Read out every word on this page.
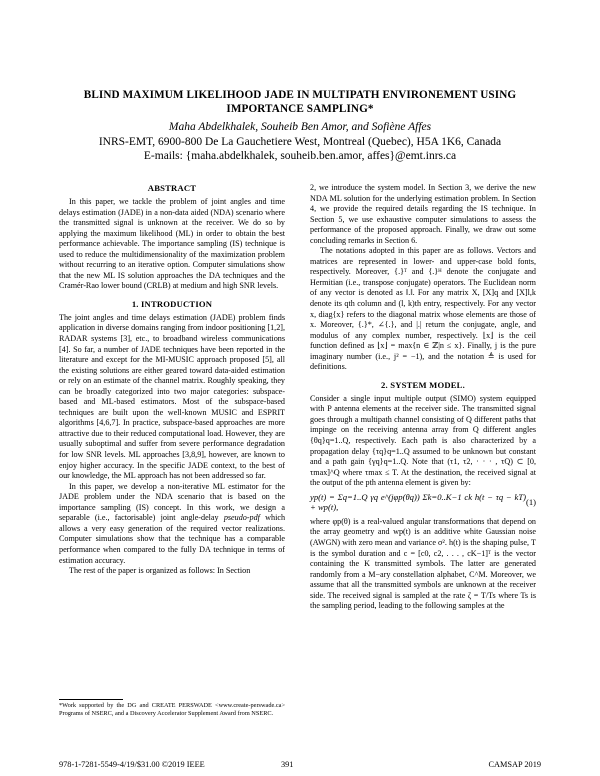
BLIND MAXIMUM LIKELIHOOD JADE IN MULTIPATH ENVIRONEMENT USING IMPORTANCE SAMPLING*
Maha Abdelkhalek, Souheib Ben Amor, and Sofiène Affes
INRS-EMT, 6900-800 De La Gauchetiere West, Montreal (Quebec), H5A 1K6, Canada
E-mails: {maha.abdelkhalek, souheib.ben.amor, affes}@emt.inrs.ca
ABSTRACT

In this paper, we tackle the problem of joint angles and time delays estimation (JADE) in a non-data aided (NDA) scenario where the transmitted signal is unknown at the receiver. We do so by applying the maximum likelihood (ML) in order to obtain the best performance achievable. The importance sampling (IS) technique is used to reduce the multidimensionality of the maximization problem without recurring to an iterative option. Computer simulations show that the new ML IS solution approaches the DA techniques and the Cramér-Rao lower bound (CRLB) at medium and high SNR levels.

1. INTRODUCTION

The joint angles and time delays estimation (JADE) problem finds application in diverse domains ranging from indoor positioning [1,2], RADAR systems [3], etc., to broadband wireless communications [4]. So far, a number of JADE techniques have been reported in the literature and except for the MI-MUSIC approach proposed [5], all the existing solutions are either geared toward data-aided estimation or rely on an estimate of the channel matrix. Roughly speaking, they can be broadly categorized into two major categories: subspace-based and ML-based estimators. Most of the subspace-based techniques are built upon the well-known MUSIC and ESPRIT algorithms [4,6,7]. In practice, subspace-based approaches are more attractive due to their reduced computational load. However, they are usually suboptimal and suffer from severe performance degradation for low SNR levels. ML approaches [3,8,9], however, are known to enjoy higher accuracy. In the specific JADE context, to the best of our knowledge, the ML approach has not been addressed so far.

In this paper, we develop a non-iterative ML estimator for the JADE problem under the NDA scenario that is based on the importance sampling (IS) concept. In this work, we design a separable (i.e., factorisable) joint angle-delay pseudo-pdf which allows a very easy generation of the required vector realizations. Computer simulations show that the technique has a comparable performance when compared to the fully DA technique in terms of estimation accuracy.

The rest of the paper is organized as follows: In Section

*Work supported by the DG and CREATE PERSWADE <www.create-perswade.ca> Programs of NSERC, and a Discovery Accelerator Supplement Award from NSERC.

2, we introduce the system model. In Section 3, we derive the new NDA ML solution for the underlying estimation problem. In Section 4, we provide the required details regarding the IS technique. In Section 5, we use exhaustive computer simulations to assess the performance of the proposed approach. Finally, we draw out some concluding remarks in Section 6.

The notations adopted in this paper are as follows. Vectors and matrices are represented in lower- and upper-case bold fonts, respectively. Moreover, {.}ᵀ and {.}ᴴ denote the conjugate and Hermitian (i.e., transpose conjugate) operators. The Euclidean norm of any vector is denoted as ‖.‖. For any matrix X, [X]q and [X]l,k denote its qth column and (l, k)th entry, respectively. For any vector x, diag{x} refers to the diagonal matrix whose elements are those of x. Moreover, {.}*, ∠{.}, and |.| return the conjugate, angle, and modulus of any complex number, respectively. ⌊x⌋ is the ceil function defined as ⌊x⌋ = max{n ∈ ℤ|n ≤ x}. Finally, j is the pure imaginary number (i.e., j² = −1), and the notation ≜ is used for definitions.

2. SYSTEM MODEL.

Consider a single input multiple output (SIMO) system equipped with P antenna elements at the receiver side. The transmitted signal goes through a multipath channel consisting of Q different paths that impinge on the receiving antenna array from Q different angles {θq}q=1..Q, respectively. Each path is also characterized by a propagation delay {τq}q=1..Q assumed to be unknown but constant and a path gain {γq}q=1..Q. Note that (τ1, τ2, · · · , τQ) ⊂ [0, τmax]^Q where τmax ≤ T. At the destination, the received signal at the output of the pth antenna element is given by:

yp(t) = Σq=1..Q γq e^(jφp(θq)) Σk=0..K−1 ck h(t − τq − kT) + wp(t),
(1)

where φp(θ) is a real-valued angular transformations that depend on the array geometry and wp(t) is an additive white Gaussian noise (AWGN) with zero mean and variance σ². h(t) is the shaping pulse, T is the symbol duration and c = [c0, c2, . . . , cK−1]ᵀ is the vector containing the K transmitted symbols. The latter are generated randomly from a M−ary constellation alphabet, C^M. Moreover, we assume that all the transmitted symbols are unknown at the receiver side. The received signal is sampled at the rate ζ = T/Ts where Ts is the sampling period, leading to the following samples at the

978-1-7281-5549-4/19/$31.00 ©2019 IEEE	391	CAMSAP 2019
